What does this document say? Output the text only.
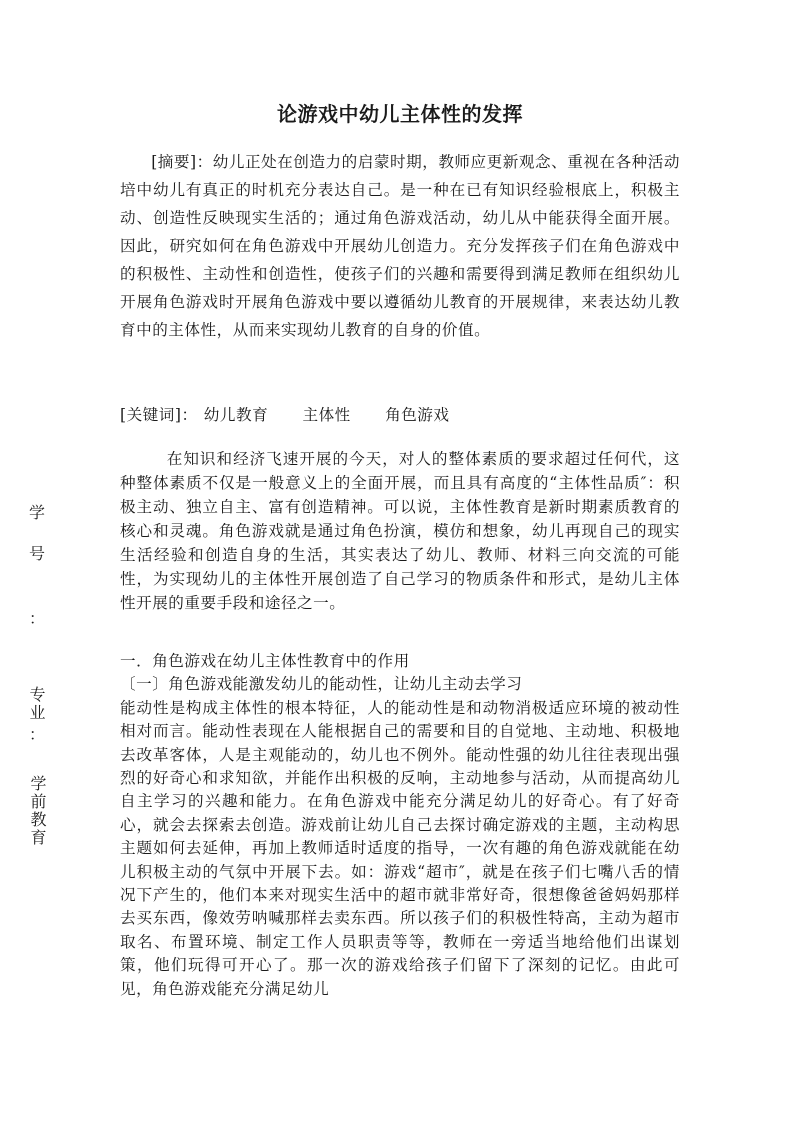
论游戏中幼儿主体性的发挥

[摘要]：幼儿正处在创造力的启蒙时期，教师应更新观念、重视在各种活动培中幼儿有真正的时机充分表达自己。是一种在已有知识经验根底上，积极主动、创造性反映现实生活的；通过角色游戏活动，幼儿从中能获得全面开展。因此，研究如何在角色游戏中开展幼儿创造力。充分发挥孩子们在角色游戏中的积极性、主动性和创造性，使孩子们的兴趣和需要得到满足教师在组织幼儿开展角色游戏时开展角色游戏中要以遵循幼儿教育的开展规律，来表达幼儿教育中的主体性，从而来实现幼儿教育的自身的价值。

[关键词]： 幼儿教育 主体性 角色游戏

在知识和经济飞速开展的今天，对人的整体素质的要求超过任何代，这种整体素质不仅是一般意义上的全面开展，而且具有高度的“主体性品质″：积极主动、独立自主、富有创造精神。可以说，主体性教育是新时期素质教育的核心和灵魂。角色游戏就是通过角色扮演，模仿和想象，幼儿再现自己的现实生活经验和创造自身的生活，其实表达了幼儿、教师、材料三向交流的可能性，为实现幼儿的主体性开展创造了自己学习的物质条件和形式，是幼儿主体性开展的重要手段和途径之一。

一．角色游戏在幼儿主体性教育中的作用

〔一〕角色游戏能激发幼儿的能动性，让幼儿主动去学习

能动性是构成主体性的根本特征，人的能动性是和动物消极适应环境的被动性相对而言。能动性表现在人能根据自己的需要和目的自觉地、主动地、积极地去改革客体，人是主观能动的，幼儿也不例外。能动性强的幼儿往往表现出强烈的好奇心和求知欲，并能作出积极的反响，主动地参与活动，从而提高幼儿自主学习的兴趣和能力。在角色游戏中能充分满足幼儿的好奇心。有了好奇心，就会去探索去创造。游戏前让幼儿自己去探讨确定游戏的主题，主动构思主题如何去延伸，再加上教师适时适度的指导，一次有趣的角色游戏就能在幼儿积极主动的气氛中开展下去。如：游戏“超市″，就是在孩子们七嘴八舌的情况下产生的，他们本来对现实生活中的超市就非常好奇，很想像爸爸妈妈那样去买东西，像效劳呐喊那样去卖东西。所以孩子们的积极性特高，主动为超市取名、布置环境、制定工作人员职责等等，教师在一旁适当地给他们出谋划策，他们玩得可开心了。那一次的游戏给孩子们留下了深刻的记忆。由此可见，角色游戏能充分满足幼儿

学
号
：
专业
：
学前教育
